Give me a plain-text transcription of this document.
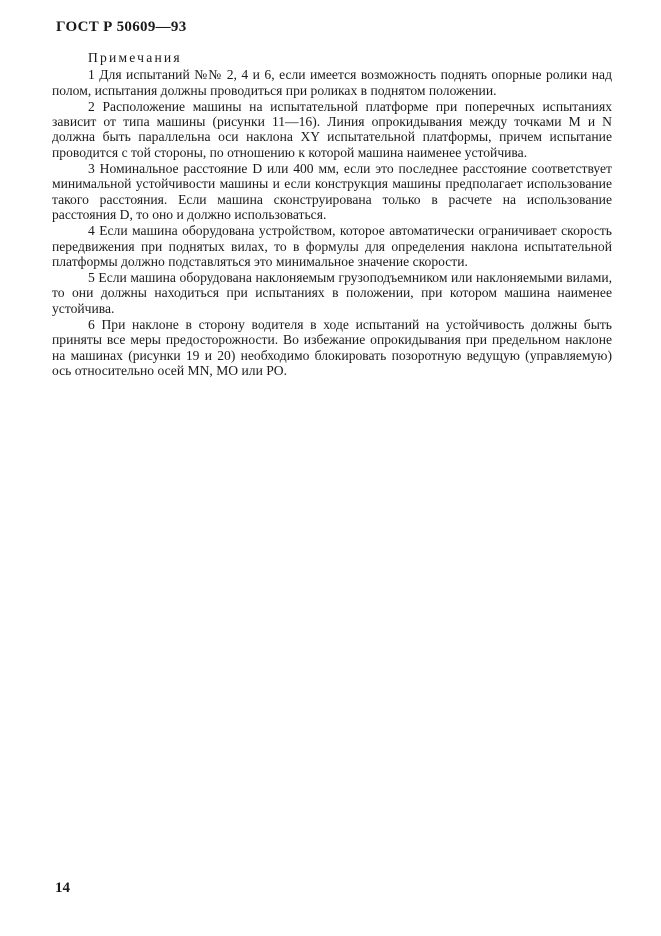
ГОСТ Р 50609—93
Примечания

1 Для испытаний №№ 2, 4 и 6, если имеется возможность поднять опорные ролики над полом, испытания должны проводиться при роликах в поднятом положении.

2 Расположение машины на испытательной платформе при поперечных испытаниях зависит от типа машины (рисунки 11—16). Линия опрокидывания между точками M и N должна быть параллельна оси наклона XY испытательной платформы, причем испытание проводится с той стороны, по отношению к которой машина наименее устойчива.

3 Номинальное расстояние D или 400 мм, если это последнее расстояние соответствует минимальной устойчивости машины и если конструкция машины предполагает использование такого расстояния. Если машина сконструирована только в расчете на использование расстояния D, то оно и должно использоваться.

4 Если машина оборудована устройством, которое автоматически ограничивает скорость передвижения при поднятых вилах, то в формулы для определения наклона испытательной платформы должно подставляться это минимальное значение скорости.

5 Если машина оборудована наклоняемым грузоподъемником или наклоняемыми вилами, то они должны находиться при испытаниях в положении, при котором машина наименее устойчива.

6 При наклоне в сторону водителя в ходе испытаний на устойчивость должны быть приняты все меры предосторожности. Во избежание опрокидывания при предельном наклоне на машинах (рисунки 19 и 20) необходимо блокировать позоротную ведущую (управляемую) ось относительно осей MN, MO или PO.

14
